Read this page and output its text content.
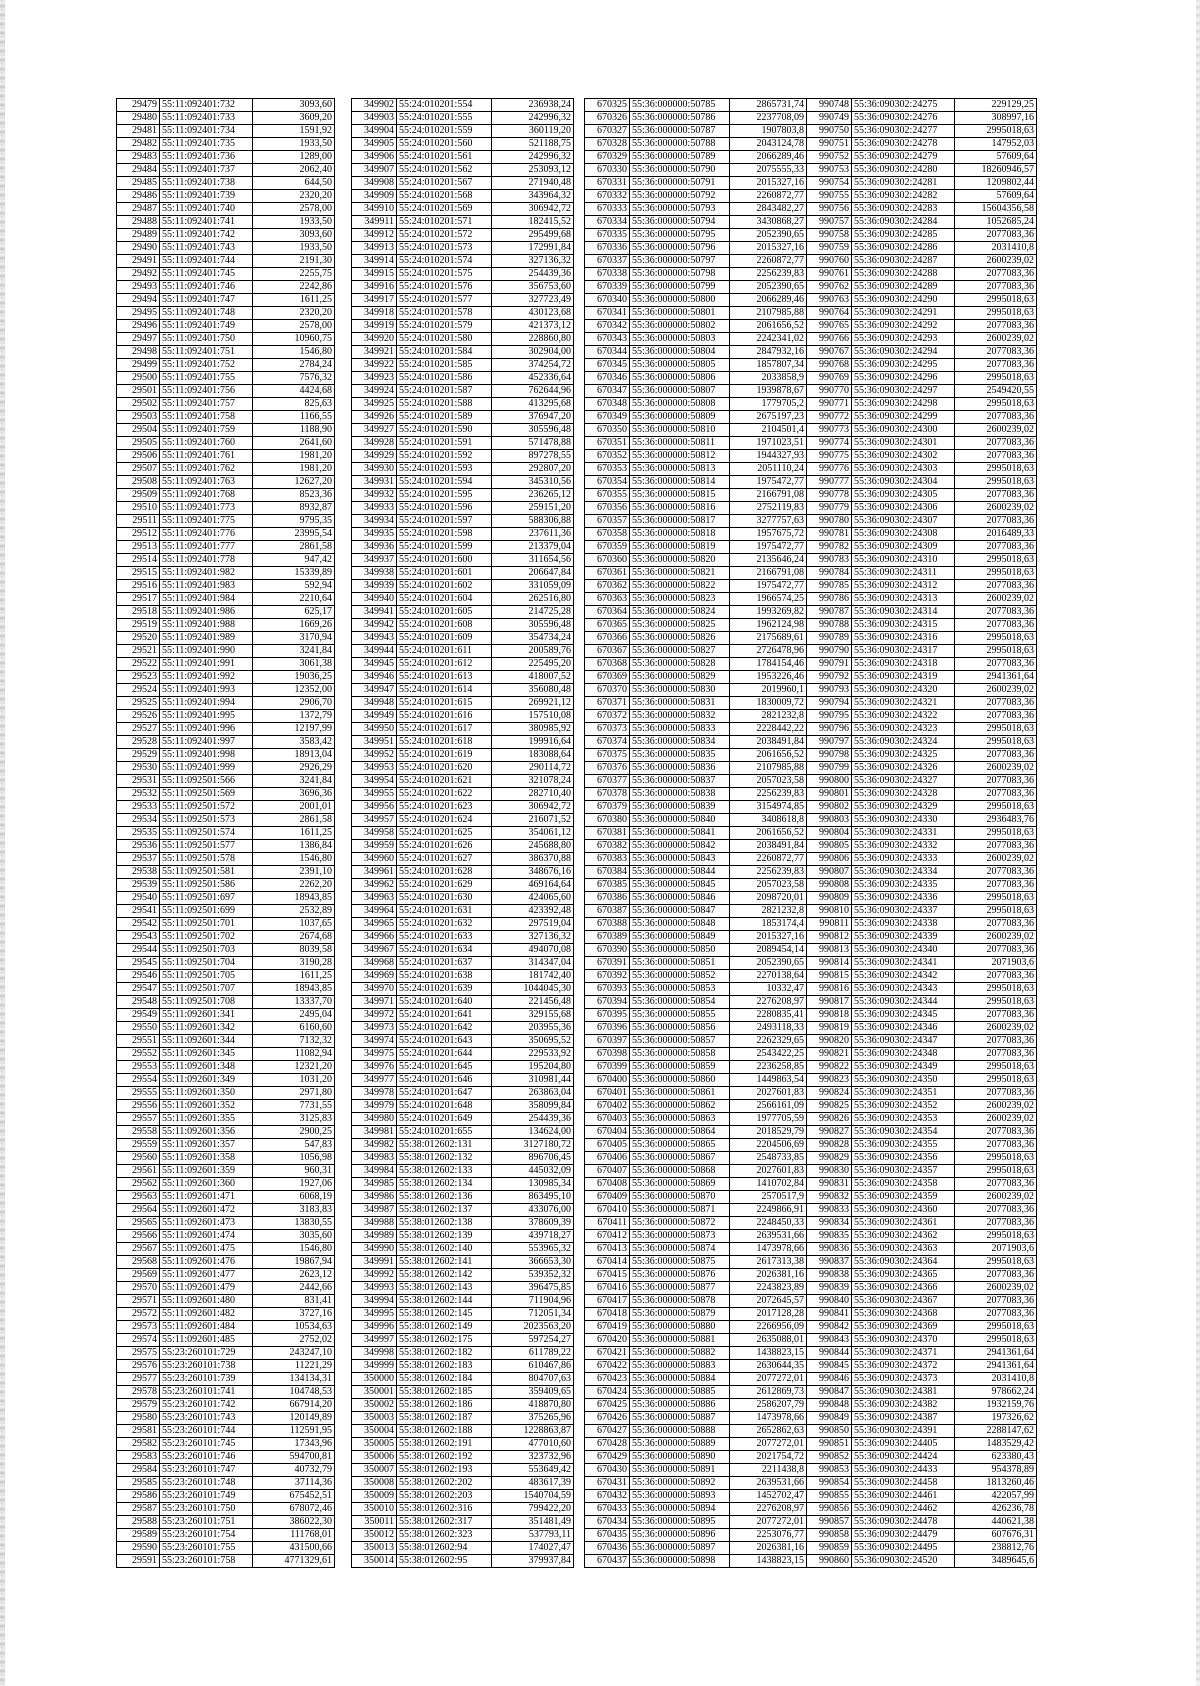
29479	55:11:092401:732	3093,60
29480	55:11:092401:733	3609,20
29481	55:11:092401:734	1591,92
29482	55:11:092401:735	1933,50
29483	55:11:092401:736	1289,00
29484	55:11:092401:737	2062,40
29485	55:11:092401:738	644,50
29486	55:11:092401:739	2320,20
29487	55:11:092401:740	2578,00
29488	55:11:092401:741	1933,50
29489	55:11:092401:742	3093,60
29490	55:11:092401:743	1933,50
29491	55:11:092401:744	2191,30
29492	55:11:092401:745	2255,75
29493	55:11:092401:746	2242,86
29494	55:11:092401:747	1611,25
29495	55:11:092401:748	2320,20
29496	55:11:092401:749	2578,00
29497	55:11:092401:750	10960,75
29498	55:11:092401:751	1546,80
29499	55:11:092401:752	2784,24
29500	55:11:092401:755	7576,32
29501	55:11:092401:756	4424,68
29502	55:11:092401:757	825,63
29503	55:11:092401:758	1166,55
29504	55:11:092401:759	1188,90
29505	55:11:092401:760	2641,60
29506	55:11:092401:761	1981,20
29507	55:11:092401:762	1981,20
29508	55:11:092401:763	12627,20
29509	55:11:092401:768	8523,36
29510	55:11:092401:773	8932,87
29511	55:11:092401:775	9795,35
29512	55:11:092401:776	23995,54
29513	55:11:092401:777	2861,58
29514	55:11:092401:778	947,42
29515	55:11:092401:982	15339,89
29516	55:11:092401:983	592,94
29517	55:11:092401:984	2210,64
29518	55:11:092401:986	625,17
29519	55:11:092401:988	1669,26
29520	55:11:092401:989	3170,94
29521	55:11:092401:990	3241,84
29522	55:11:092401:991	3061,38
29523	55:11:092401:992	19036,25
29524	55:11:092401:993	12352,00
29525	55:11:092401:994	2906,70
29526	55:11:092401:995	1372,79
29527	55:11:092401:996	12197,99
29528	55:11:092401:997	3583,42
29529	55:11:092401:998	18913,04
29530	55:11:092401:999	2926,29
29531	55:11:092501:566	3241,84
29532	55:11:092501:569	3696,36
29533	55:11:092501:572	2001,01
29534	55:11:092501:573	2861,58
29535	55:11:092501:574	1611,25
29536	55:11:092501:577	1386,84
29537	55:11:092501:578	1546,80
29538	55:11:092501:581	2391,10
29539	55:11:092501:586	2262,20
29540	55:11:092501:697	18943,85
29541	55:11:092501:699	2532,89
29542	55:11:092501:701	1037,65
29543	55:11:092501:702	2674,68
29544	55:11:092501:703	8039,58
29545	55:11:092501:704	3190,28
29546	55:11:092501:705	1611,25
29547	55:11:092501:707	18943,85
29548	55:11:092501:708	13337,70
29549	55:11:092601:341	2495,04
29550	55:11:092601:342	6160,60
29551	55:11:092601:344	7132,32
29552	55:11:092601:345	11082,94
29553	55:11:092601:348	12321,20
29554	55:11:092601:349	1031,20
29555	55:11:092601:350	2971,80
29556	55:11:092601:352	7731,55
29557	55:11:092601:355	3125,83
29558	55:11:092601:356	2900,25
29559	55:11:092601:357	547,83
29560	55:11:092601:358	1056,98
29561	55:11:092601:359	960,31
29562	55:11:092601:360	1927,06
29563	55:11:092601:471	6068,19
29564	55:11:092601:472	3183,83
29565	55:11:092601:473	13830,55
29566	55:11:092601:474	3035,60
29567	55:11:092601:475	1546,80
29568	55:11:092601:476	19867,94
29569	55:11:092601:477	2623,12
29570	55:11:092601:479	2442,66
29571	55:11:092601:480	831,41
29572	55:11:092601:482	3727,16
29573	55:11:092601:484	10534,63
29574	55:11:092601:485	2752,02
29575	55:23:260101:729	243247,10
29576	55:23:260101:738	11221,29
29577	55:23:260101:739	134134,31
29578	55:23:260101:741	104748,53
29579	55:23:260101:742	667914,20
29580	55:23:260101:743	120149,89
29581	55:23:260101:744	112591,95
29582	55:23:260101:745	17343,96
29583	55:23:260101:746	594700,81
29584	55:23:260101:747	40732,79
29585	55:23:260101:748	37114,36
29586	55:23:260101:749	675452,51
29587	55:23:260101:750	678072,46
29588	55:23:260101:751	386022,30
29589	55:23:260101:754	111768,01
29590	55:23:260101:755	431500,66
29591	55:23:260101:758	4771329,61
349902	55:24:010201:554	236938,24
349903	55:24:010201:555	242996,32
349904	55:24:010201:559	360119,20
349905	55:24:010201:560	521188,75
349906	55:24:010201:561	242996,32
349907	55:24:010201:562	253093,12
349908	55:24:010201:567	271940,48
349909	55:24:010201:568	343964,32
349910	55:24:010201:569	306942,72
349911	55:24:010201:571	182415,52
349912	55:24:010201:572	295499,68
349913	55:24:010201:573	172991,84
349914	55:24:010201:574	327136,32
349915	55:24:010201:575	254439,36
349916	55:24:010201:576	356753,60
349917	55:24:010201:577	327723,49
349918	55:24:010201:578	430123,68
349919	55:24:010201:579	421373,12
349920	55:24:010201:580	228860,80
349921	55:24:010201:584	302904,00
349922	55:24:010201:585	374254,72
349923	55:24:010201:586	452336,64
349924	55:24:010201:587	762644,96
349925	55:24:010201:588	413295,68
349926	55:24:010201:589	376947,20
349927	55:24:010201:590	305596,48
349928	55:24:010201:591	571478,88
349929	55:24:010201:592	897278,55
349930	55:24:010201:593	292807,20
349931	55:24:010201:594	345310,56
349932	55:24:010201:595	236265,12
349933	55:24:010201:596	259151,20
349934	55:24:010201:597	588306,88
349935	55:24:010201:598	237611,36
349936	55:24:010201:599	213379,04
349937	55:24:010201:600	311654,56
349938	55:24:010201:601	206647,84
349939	55:24:010201:602	331059,09
349940	55:24:010201:604	262516,80
349941	55:24:010201:605	214725,28
349942	55:24:010201:608	305596,48
349943	55:24:010201:609	354734,24
349944	55:24:010201:611	200589,76
349945	55:24:010201:612	225495,20
349946	55:24:010201:613	418007,52
349947	55:24:010201:614	356080,48
349948	55:24:010201:615	269921,12
349949	55:24:010201:616	157510,08
349950	55:24:010201:617	380985,92
349951	55:24:010201:618	199916,64
349952	55:24:010201:619	183088,64
349953	55:24:010201:620	290114,72
349954	55:24:010201:621	321078,24
349955	55:24:010201:622	282710,40
349956	55:24:010201:623	306942,72
349957	55:24:010201:624	216071,52
349958	55:24:010201:625	354061,12
349959	55:24:010201:626	245688,80
349960	55:24:010201:627	386370,88
349961	55:24:010201:628	348676,16
349962	55:24:010201:629	469164,64
349963	55:24:010201:630	424065,60
349964	55:24:010201:631	423392,48
349965	55:24:010201:632	297519,04
349966	55:24:010201:633	327136,32
349967	55:24:010201:634	494070,08
349968	55:24:010201:637	314347,04
349969	55:24:010201:638	181742,40
349970	55:24:010201:639	1044045,30
349971	55:24:010201:640	221456,48
349972	55:24:010201:641	329155,68
349973	55:24:010201:642	203955,36
349974	55:24:010201:643	350695,52
349975	55:24:010201:644	229533,92
349976	55:24:010201:645	195204,80
349977	55:24:010201:646	310981,44
349978	55:24:010201:647	263863,04
349979	55:24:010201:648	358099,84
349980	55:24:010201:649	254439,36
349981	55:24:010201:655	134624,00
349982	55:38:012602:131	3127180,72
349983	55:38:012602:132	896706,45
349984	55:38:012602:133	445032,09
349985	55:38:012602:134	130985,34
349986	55:38:012602:136	863495,10
349987	55:38:012602:137	433076,00
349988	55:38:012602:138	378609,39
349989	55:38:012602:139	439718,27
349990	55:38:012602:140	553965,32
349991	55:38:012602:141	366653,30
349992	55:38:012602:142	539352,32
349993	55:38:012602:143	396475,85
349994	55:38:012602:144	711904,96
349995	55:38:012602:145	712051,34
349996	55:38:012602:149	2023563,20
349997	55:38:012602:175	597254,27
349998	55:38:012602:182	611789,22
349999	55:38:012602:183	610467,86
350000	55:38:012602:184	804707,63
350001	55:38:012602:185	359409,65
350002	55:38:012602:186	418870,80
350003	55:38:012602:187	375265,96
350004	55:38:012602:188	1228863,87
350005	55:38:012602:191	477010,60
350006	55:38:012602:192	323732,96
350007	55:38:012602:193	553649,42
350008	55:38:012602:202	483617,39
350009	55:38:012602:203	1540704,59
350010	55:38:012602:316	799422,20
350011	55:38:012602:317	351481,49
350012	55:38:012602:323	537793,11
350013	55:38:012602:94	174027,47
350014	55:38:012602:95	379937,84
670325	55:36:000000:50785	2865731,74
670326	55:36:000000:50786	2237708,09
670327	55:36:000000:50787	1907803,8
670328	55:36:000000:50788	2043124,78
670329	55:36:000000:50789	2066289,46
670330	55:36:000000:50790	2075555,33
670331	55:36:000000:50791	2015327,16
670332	55:36:000000:50792	2260872,77
670333	55:36:000000:50793	2843482,27
670334	55:36:000000:50794	3430868,27
670335	55:36:000000:50795	2052390,65
670336	55:36:000000:50796	2015327,16
670337	55:36:000000:50797	2260872,77
670338	55:36:000000:50798	2256239,83
670339	55:36:000000:50799	2052390,65
670340	55:36:000000:50800	2066289,46
670341	55:36:000000:50801	2107985,88
670342	55:36:000000:50802	2061656,52
670343	55:36:000000:50803	2242341,02
670344	55:36:000000:50804	2847932,16
670345	55:36:000000:50805	1857807,34
670346	55:36:000000:50806	2033858,9
670347	55:36:000000:50807	1939878,67
670348	55:36:000000:50808	1779705,2
670349	55:36:000000:50809	2675197,23
670350	55:36:000000:50810	2104501,4
670351	55:36:000000:50811	1971023,51
670352	55:36:000000:50812	1944327,93
670353	55:36:000000:50813	2051110,24
670354	55:36:000000:50814	1975472,77
670355	55:36:000000:50815	2166791,08
670356	55:36:000000:50816	2752119,83
670357	55:36:000000:50817	3277757,63
670358	55:36:000000:50818	1957675,72
670359	55:36:000000:50819	1975472,77
670360	55:36:000000:50820	2135646,24
670361	55:36:000000:50821	2166791,08
670362	55:36:000000:50822	1975472,77
670363	55:36:000000:50823	1966574,25
670364	55:36:000000:50824	1993269,82
670365	55:36:000000:50825	1962124,98
670366	55:36:000000:50826	2175689,61
670367	55:36:000000:50827	2726478,96
670368	55:36:000000:50828	1784154,46
670369	55:36:000000:50829	1953226,46
670370	55:36:000000:50830	2019960,1
670371	55:36:000000:50831	1830009,72
670372	55:36:000000:50832	2821232,8
670373	55:36:000000:50833	2228442,22
670374	55:36:000000:50834	2038491,84
670375	55:36:000000:50835	2061656,52
670376	55:36:000000:50836	2107985,88
670377	55:36:000000:50837	2057023,58
670378	55:36:000000:50838	2256239,83
670379	55:36:000000:50839	3154974,85
670380	55:36:000000:50840	3408618,8
670381	55:36:000000:50841	2061656,52
670382	55:36:000000:50842	2038491,84
670383	55:36:000000:50843	2260872,77
670384	55:36:000000:50844	2256239,83
670385	55:36:000000:50845	2057023,58
670386	55:36:000000:50846	2098720,01
670387	55:36:000000:50847	2821232,8
670388	55:36:000000:50848	1853174,4
670389	55:36:000000:50849	2015327,16
670390	55:36:000000:50850	2089454,14
670391	55:36:000000:50851	2052390,65
670392	55:36:000000:50852	2270138,64
670393	55:36:000000:50853	10332,47
670394	55:36:000000:50854	2276208,97
670395	55:36:000000:50855	2280835,41
670396	55:36:000000:50856	2493118,33
670397	55:36:000000:50857	2262329,65
670398	55:36:000000:50858	2543422,25
670399	55:36:000000:50859	2236258,85
670400	55:36:000000:50860	1449863,54
670401	55:36:000000:50861	2027601,83
670402	55:36:000000:50862	2566161,09
670403	55:36:000000:50863	1977705,59
670404	55:36:000000:50864	2018529,79
670405	55:36:000000:50865	2204506,69
670406	55:36:000000:50867	2548733,85
670407	55:36:000000:50868	2027601,83
670408	55:36:000000:50869	1410702,84
670409	55:36:000000:50870	2570517,9
670410	55:36:000000:50871	2249866,91
670411	55:36:000000:50872	2248450,33
670412	55:36:000000:50873	2639531,66
670413	55:36:000000:50874	1473978,66
670414	55:36:000000:50875	2617313,38
670415	55:36:000000:50876	2026381,16
670416	55:36:000000:50877	2243823,89
670417	55:36:000000:50878	2072645,57
670418	55:36:000000:50879	2017128,28
670419	55:36:000000:50880	2266956,09
670420	55:36:000000:50881	2635088,01
670421	55:36:000000:50882	1438823,15
670422	55:36:000000:50883	2630644,35
670423	55:36:000000:50884	2077272,01
670424	55:36:000000:50885	2612869,73
670425	55:36:000000:50886	2586207,79
670426	55:36:000000:50887	1473978,66
670427	55:36:000000:50888	2652862,63
670428	55:36:000000:50889	2077272,01
670429	55:36:000000:50890	2021754,72
670430	55:36:000000:50891	2211438,8
670431	55:36:000000:50892	2639531,66
670432	55:36:000000:50893	1452702,47
670433	55:36:000000:50894	2276208,97
670434	55:36:000000:50895	2077272,01
670435	55:36:000000:50896	2253076,77
670436	55:36:000000:50897	2026381,16
670437	55:36:000000:50898	1438823,15
990748	55:36:090302:24275	229129,25
990749	55:36:090302:24276	308997,16
990750	55:36:090302:24277	2995018,63
990751	55:36:090302:24278	147952,03
990752	55:36:090302:24279	57609,64
990753	55:36:090302:24280	18260946,57
990754	55:36:090302:24281	1209802,44
990755	55:36:090302:24282	57609,64
990756	55:36:090302:24283	15604356,58
990757	55:36:090302:24284	1052685,24
990758	55:36:090302:24285	2077083,36
990759	55:36:090302:24286	2031410,8
990760	55:36:090302:24287	2600239,02
990761	55:36:090302:24288	2077083,36
990762	55:36:090302:24289	2077083,36
990763	55:36:090302:24290	2995018,63
990764	55:36:090302:24291	2995018,63
990765	55:36:090302:24292	2077083,36
990766	55:36:090302:24293	2600239,02
990767	55:36:090302:24294	2077083,36
990768	55:36:090302:24295	2077083,36
990769	55:36:090302:24296	2995018,63
990770	55:36:090302:24297	2549420,55
990771	55:36:090302:24298	2995018,63
990772	55:36:090302:24299	2077083,36
990773	55:36:090302:24300	2600239,02
990774	55:36:090302:24301	2077083,36
990775	55:36:090302:24302	2077083,36
990776	55:36:090302:24303	2995018,63
990777	55:36:090302:24304	2995018,63
990778	55:36:090302:24305	2077083,36
990779	55:36:090302:24306	2600239,02
990780	55:36:090302:24307	2077083,36
990781	55:36:090302:24308	2016489,33
990782	55:36:090302:24309	2077083,36
990783	55:36:090302:24310	2995018,63
990784	55:36:090302:24311	2995018,63
990785	55:36:090302:24312	2077083,36
990786	55:36:090302:24313	2600239,02
990787	55:36:090302:24314	2077083,36
990788	55:36:090302:24315	2077083,36
990789	55:36:090302:24316	2995018,63
990790	55:36:090302:24317	2995018,63
990791	55:36:090302:24318	2077083,36
990792	55:36:090302:24319	2941361,64
990793	55:36:090302:24320	2600239,02
990794	55:36:090302:24321	2077083,36
990795	55:36:090302:24322	2077083,36
990796	55:36:090302:24323	2995018,63
990797	55:36:090302:24324	2995018,63
990798	55:36:090302:24325	2077083,36
990799	55:36:090302:24326	2600239,02
990800	55:36:090302:24327	2077083,36
990801	55:36:090302:24328	2077083,36
990802	55:36:090302:24329	2995018,63
990803	55:36:090302:24330	2936483,76
990804	55:36:090302:24331	2995018,63
990805	55:36:090302:24332	2077083,36
990806	55:36:090302:24333	2600239,02
990807	55:36:090302:24334	2077083,36
990808	55:36:090302:24335	2077083,36
990809	55:36:090302:24336	2995018,63
990810	55:36:090302:24337	2995018,63
990811	55:36:090302:24338	2077083,36
990812	55:36:090302:24339	2600239,02
990813	55:36:090302:24340	2077083,36
990814	55:36:090302:24341	2071903,6
990815	55:36:090302:24342	2077083,36
990816	55:36:090302:24343	2995018,63
990817	55:36:090302:24344	2995018,63
990818	55:36:090302:24345	2077083,36
990819	55:36:090302:24346	2600239,02
990820	55:36:090302:24347	2077083,36
990821	55:36:090302:24348	2077083,36
990822	55:36:090302:24349	2995018,63
990823	55:36:090302:24350	2995018,63
990824	55:36:090302:24351	2077083,36
990825	55:36:090302:24352	2600239,02
990826	55:36:090302:24353	2600239,02
990827	55:36:090302:24354	2077083,36
990828	55:36:090302:24355	2077083,36
990829	55:36:090302:24356	2995018,63
990830	55:36:090302:24357	2995018,63
990831	55:36:090302:24358	2077083,36
990832	55:36:090302:24359	2600239,02
990833	55:36:090302:24360	2077083,36
990834	55:36:090302:24361	2077083,36
990835	55:36:090302:24362	2995018,63
990836	55:36:090302:24363	2071903,6
990837	55:36:090302:24364	2995018,63
990838	55:36:090302:24365	2077083,36
990839	55:36:090302:24366	2600239,02
990840	55:36:090302:24367	2077083,36
990841	55:36:090302:24368	2077083,36
990842	55:36:090302:24369	2995018,63
990843	55:36:090302:24370	2995018,63
990844	55:36:090302:24371	2941361,64
990845	55:36:090302:24372	2941361,64
990846	55:36:090302:24373	2031410,8
990847	55:36:090302:24381	978662,24
990848	55:36:090302:24382	1932159,76
990849	55:36:090302:24387	197326,62
990850	55:36:090302:24391	2288147,62
990851	55:36:090302:24405	1483529,42
990852	55:36:090302:24424	623380,43
990853	55:36:090302:24433	954378,89
990854	55:36:090302:24458	1813260,46
990855	55:36:090302:24461	422057,99
990856	55:36:090302:24462	426236,78
990857	55:36:090302:24478	440621,38
990858	55:36:090302:24479	607676,31
990859	55:36:090302:24495	238812,76
990860	55:36:090302:24520	3489645,6
